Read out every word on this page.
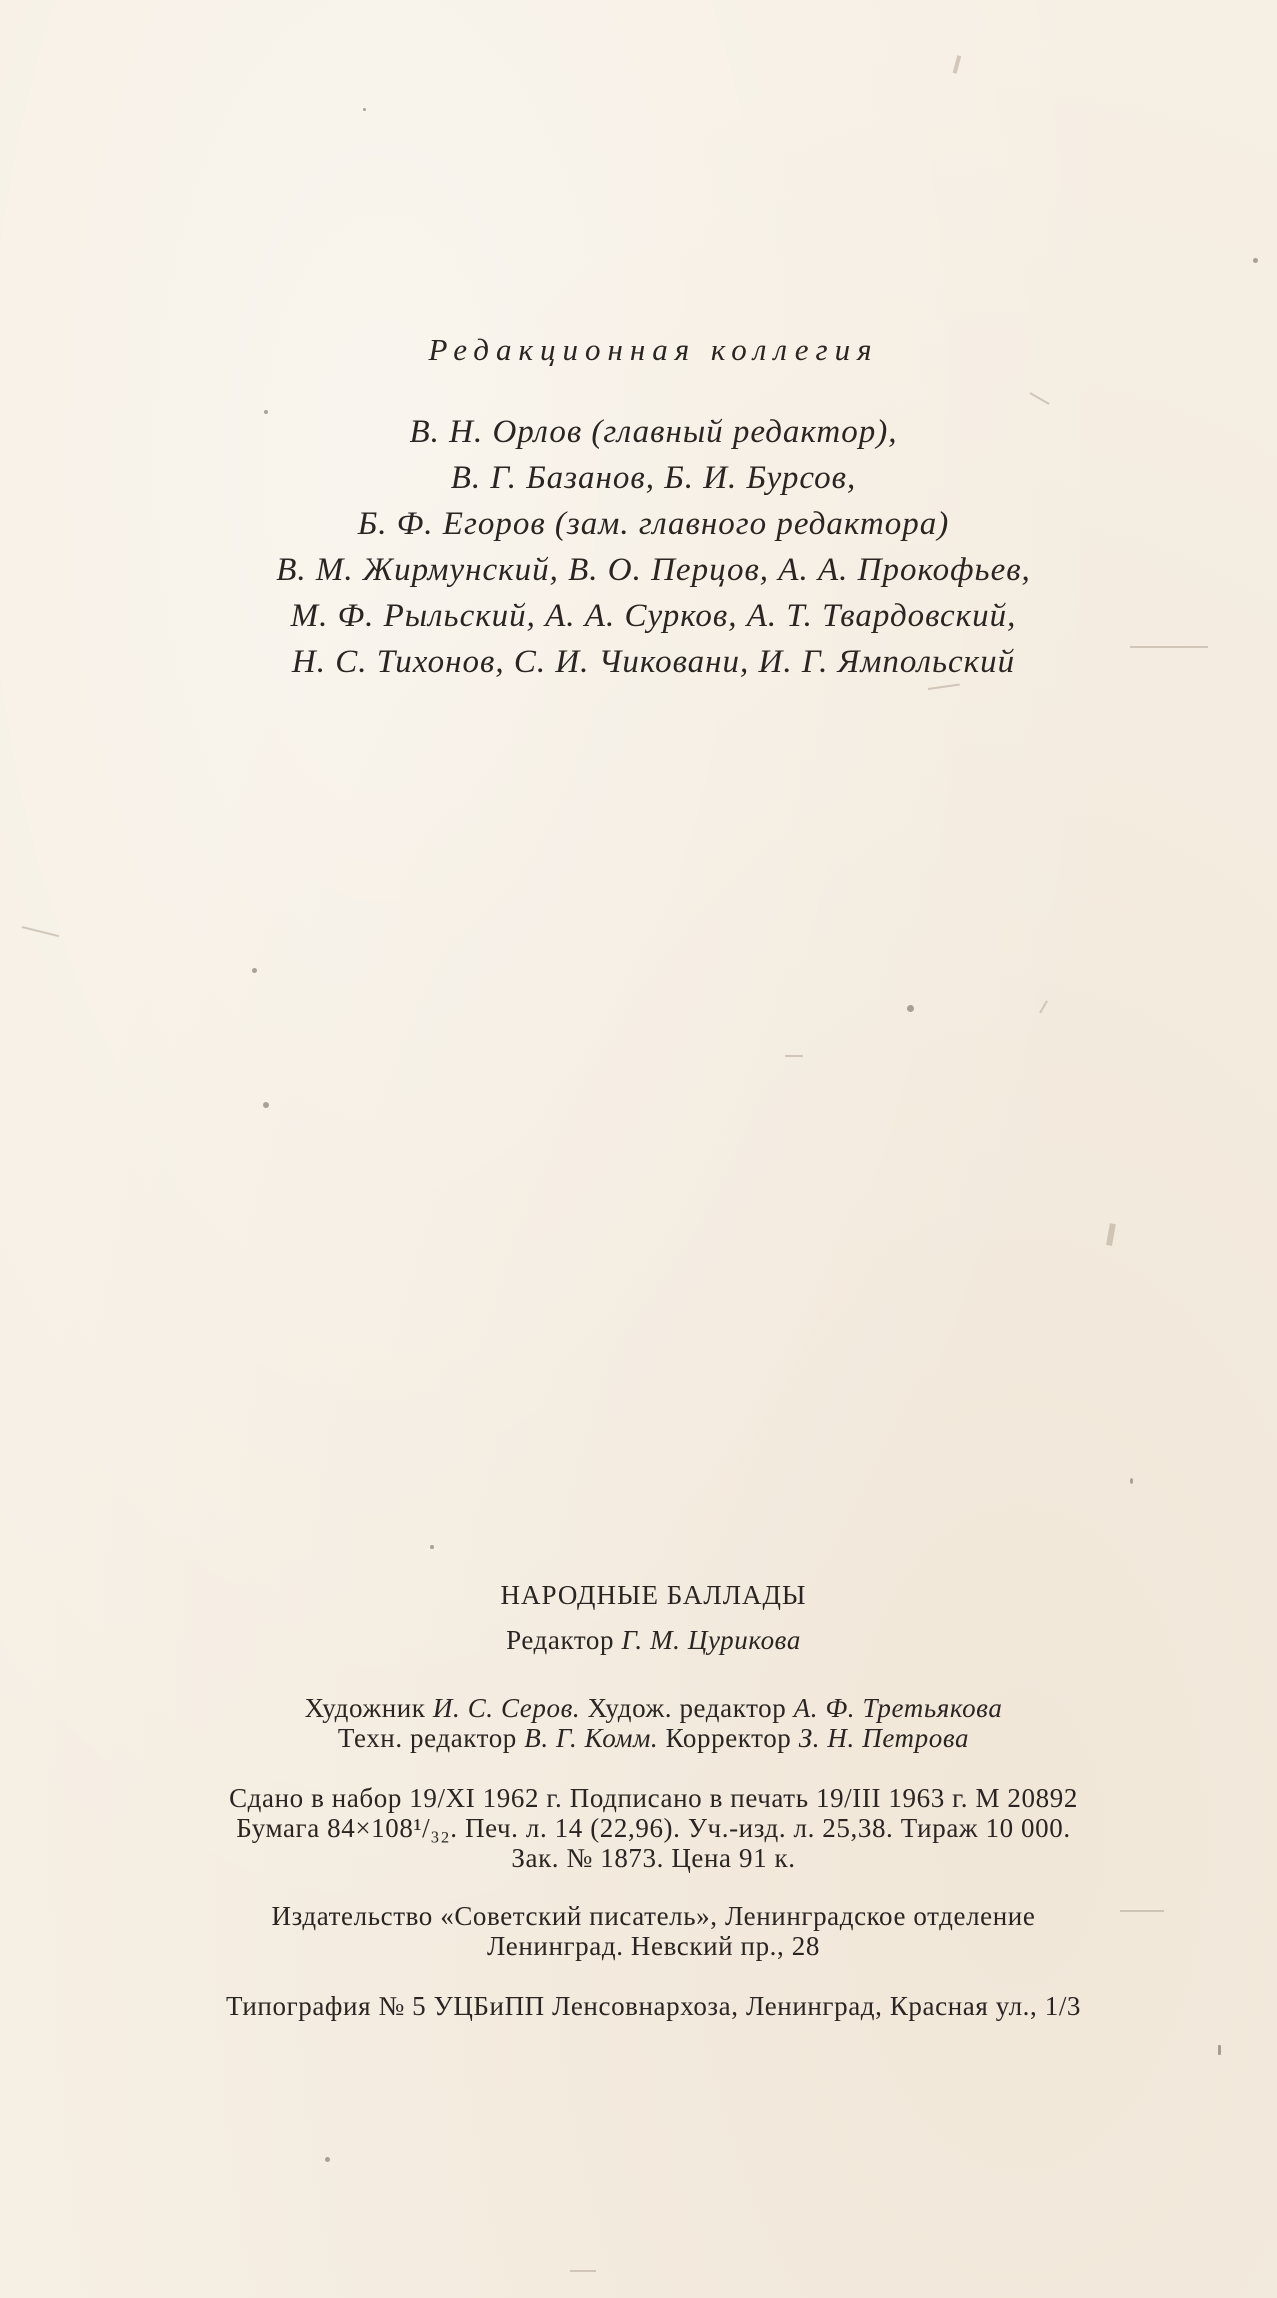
Редакционная коллегия
В. Н. Орлов (главный редактор),
В. Г. Базанов, Б. И. Бурсов,
Б. Ф. Егоров (зам. главного редактора)
В. М. Жирмунский, В. О. Перцов, А. А. Прокофьев,
М. Ф. Рыльский, А. А. Сурков, А. Т. Твардовский,
Н. С. Тихонов, С. И. Чиковани, И. Г. Ямпольский
НАРОДНЫЕ БАЛЛАДЫ
Редактор Г. М. Цурикова
Художник И. С. Серов. Худож. редактор А. Ф. Третьякова
Техн. редактор В. Г. Комм. Корректор З. Н. Петрова
Сдано в набор 19/XI 1962 г. Подписано в печать 19/III 1963 г. М 20892
Бумага 84×108¹/₃₂. Печ. л. 14 (22,96). Уч.-изд. л. 25,38. Тираж 10 000.
Зак. № 1873. Цена 91 к.
Издательство «Советский писатель», Ленинградское отделение
Ленинград. Невский пр., 28
Типография № 5 УЦБиПП Ленсовнархоза, Ленинград, Красная ул., 1/3
